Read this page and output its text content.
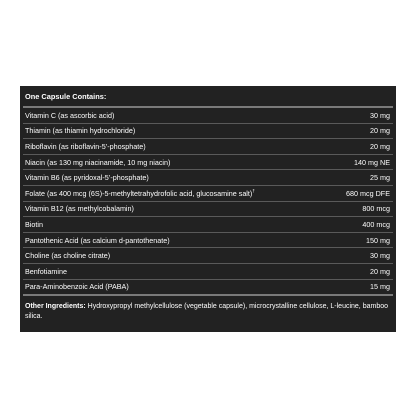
One Capsule Contains:
Vitamin C (as ascorbic acid)	30 mg
Thiamin (as thiamin hydrochloride)	20 mg
Riboflavin (as riboflavin-5’-phosphate)	20 mg
Niacin (as 130 mg niacinamide, 10 mg niacin)	140 mg NE
Vitamin B6 (as pyridoxal-5’-phosphate)	25 mg
Folate (as 400 mcg (6S)-5-methyltetrahydrofolic acid, glucosamine salt)†	680 mcg DFE
Vitamin B12 (as methylcobalamin)	800 mcg
Biotin	400 mcg
Pantothenic Acid (as calcium d-pantothenate)	150 mg
Choline (as choline citrate)	30 mg
Benfotiamine	20 mg
Para-Aminobenzoic Acid (PABA)	15 mg
Other Ingredients: Hydroxypropyl methylcellulose (vegetable capsule), microcrystalline cellulose, L-leucine, bamboo silica.
